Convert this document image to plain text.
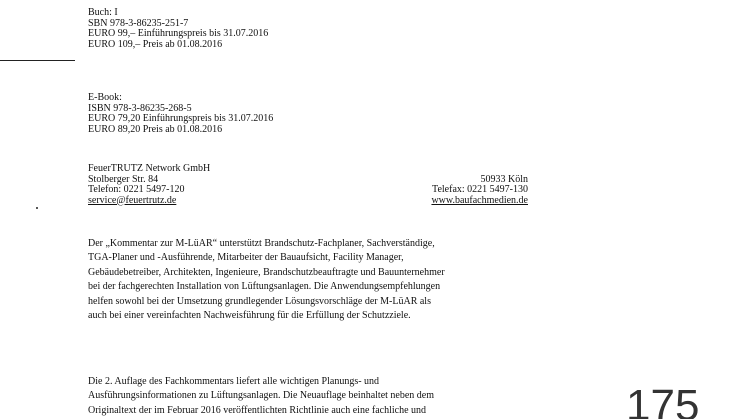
Buch: I
SBN 978-3-86235-251-7
EURO 99,– Einführungspreis bis 31.07.2016
EURO 109,– Preis ab 01.08.2016
E-Book:
ISBN 978-3-86235-268-5
EURO 79,20 Einführungspreis bis 31.07.2016
EURO 89,20 Preis ab 01.08.2016
FeuerTRUTZ Network GmbH
Stolberger Str. 84	50933 Köln
Telefon: 0221 5497-120	Telefax: 0221 5497-130
service@feuertrutz.de	www.baufachmedien.de
Der „Kommentar zur M-LüAR“ unterstützt Brandschutz-Fachplaner, Sachverständige,
TGA-Planer und -Ausführende, Mitarbeiter der Bauaufsicht, Facility Manager,
Gebäudebetreiber, Architekten, Ingenieure, Brandschutzbeauftragte und Bauunternehmer
bei der fachgerechten Installation von Lüftungsanlagen. Die Anwendungsempfehlungen
helfen sowohl bei der Umsetzung grundlegender Lösungsvorschläge der M-LüAR als
auch bei einer vereinfachten Nachweisführung für die Erfüllung der Schutzziele.
Die 2. Auflage des Fachkommentars liefert alle wichtigen Planungs- und
Ausführungsinformationen zu Lüftungsanlagen. Die Neuauflage beinhaltet neben dem
Originaltext der im Februar 2016 veröffentlichten Richtlinie auch eine fachliche und	175
